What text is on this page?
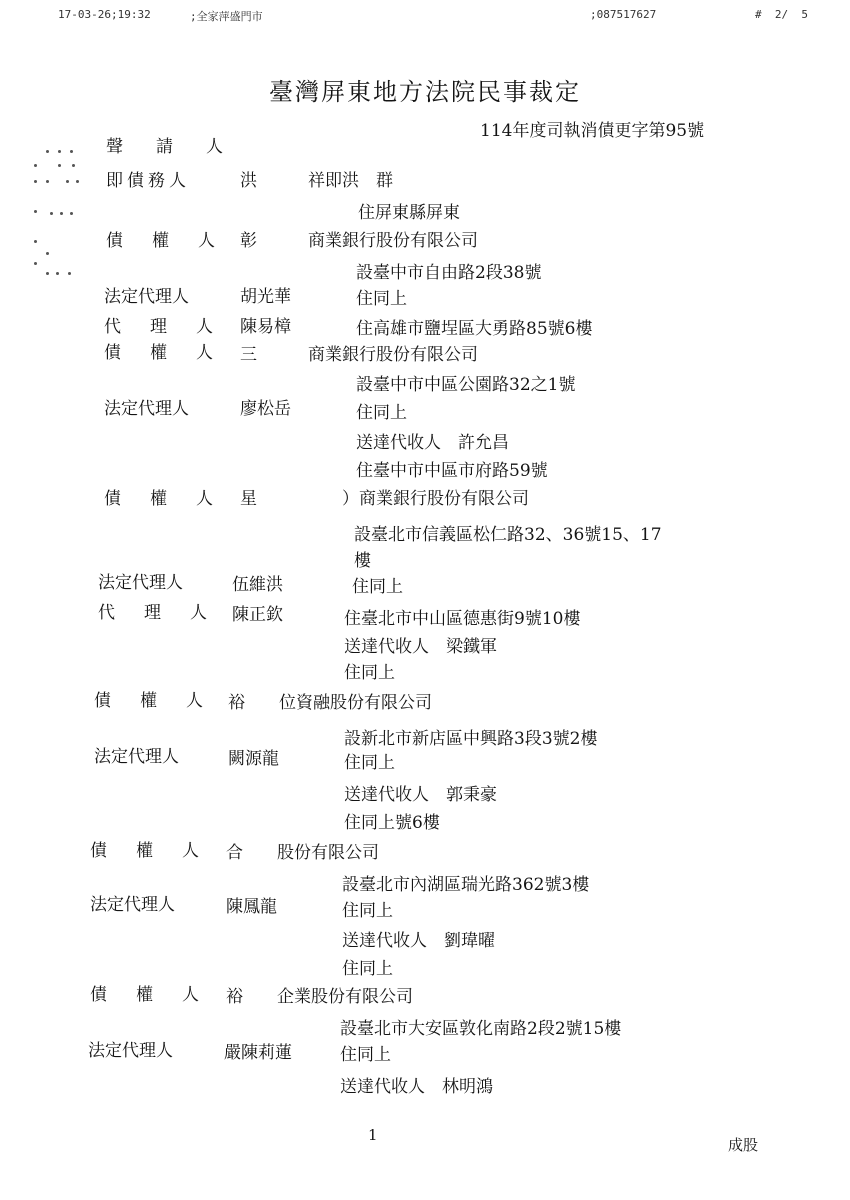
17-03-26;19:32	;全家萍盛門市	;087517627	#  2/  5
臺灣屏東地方法院民事裁定
114年度司執消債更字第95號
聲　請　人
即債務人	洪　　　祥即洪　群
住屏東縣屏東
債　權　人 彰　　　商業銀行股份有限公司
設臺中市自由路2段38號
法定代理人	胡光華	住同上
代　理　人 陳易樟	住高雄市鹽埕區大勇路85號6樓
債　權　人 三　　　商業銀行股份有限公司
設臺中市中區公園路32之1號
法定代理人	廖松岳	住同上
送達代收人　許允昌
住臺中市中區市府路59號
債　權　人 星　　　　　）商業銀行股份有限公司
設臺北市信義區松仁路32、36號15、17
樓
法定代理人	伍維洪	住同上
代　理　人 陳正欽	住臺北市中山區德惠街9號10樓
送達代收人　梁鐵軍
住同上
債　權　人 裕　　位資融股份有限公司
設新北市新店區中興路3段3號2樓
法定代理人	闕源龍	住同上
送達代收人　郭秉豪
住同上號6樓
債　權　人 合　　股份有限公司
設臺北市內湖區瑞光路362號3樓
法定代理人	陳鳳龍	住同上
送達代收人　劉瑋曜
住同上
債　權　人 裕　　企業股份有限公司
設臺北市大安區敦化南路2段2號15樓
法定代理人	嚴陳莉蓮	住同上
送達代收人　林明鴻
1
成股
